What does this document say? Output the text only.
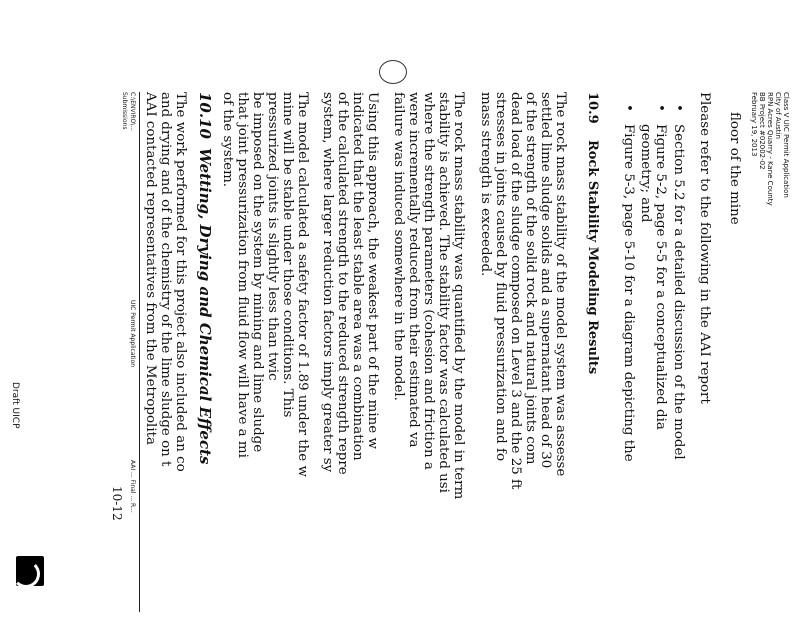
Class V UIC Permit Application
City of Austin
RPN Acres Quarry - Kane County
BB Project #02002-02
February 19, 2013
floor of the mine
Please refer to the following in the AAI report
•
Section 5.2 for a detailed discussion of the model
•
Figure 5-2, page 5-5 for a conceptualized dia
geometry; and
•
Figure 5-3, page 5-10 for a diagram depicting the
10.9
Rock Stability Modeling Results
The rock mass stability of the model system was assesse
settled lime sludge solids and a supernatant head of 30
of the strength of the solid rock and natural joints com
dead load of the sludge composed on Level 3 and the 25 ft
stresses in joints caused by fluid pressurization and fo
mass strength is exceeded.
The rock mass stability was quantified by the model in term
stability is achieved. The stability factor was calculated usi
where the strength parameters (cohesion and friction a
were incrementally reduced from their estimated va
failure was induced somewhere in the model.
Using this approach, the weakest part of the mine w
indicated that the least stable area was a combination
of the calculated strength to the reduced strength repre
system, where larger reduction factors imply greater sy
The model calculated a safety factor of 1.89 under the w
mine will be stable under those conditions. This
pressurized joints is slightly less than twic
be imposed on the system by mining and lime sludge
that joint pressurization from fluid flow will have a mi
of the system.
10.10
Wetting, Drying and Chemical Effects
The work performed for this project also included an co
and drying and of the chemistry of the lime sludge on t
AAI contacted representatives from the Metropolita
C:\ENVIRO\...
Submissions
UIC Permit Application
AAI ... Final ... R...
10-12
Draft UICP
